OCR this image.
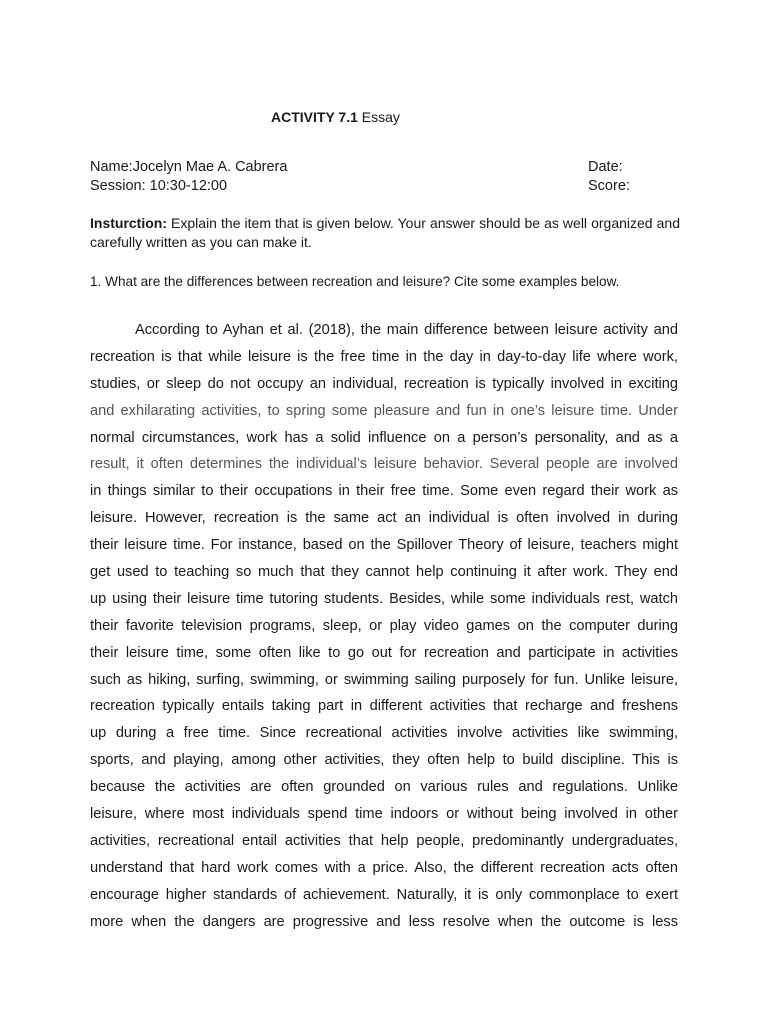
ACTIVITY 7.1 Essay
Name:Jocelyn Mae A. Cabrera
Session: 10:30-12:00
Date:
Score:
Insturction: Explain the item that is given below. Your answer should be as well organized and carefully written as you can make it.
1. What are the differences between recreation and leisure? Cite some examples below.
According to Ayhan et al. (2018), the main difference between leisure activity and
recreation is that while leisure is the free time in the day in day-to-day life where work,
studies, or sleep do not occupy an individual, recreation is typically involved in exciting
and exhilarating activities, to spring some pleasure and fun in one’s leisure time. Under
normal circumstances, work has a solid influence on a person’s personality, and as a
result, it often determines the individual’s leisure behavior. Several people are involved
in things similar to their occupations in their free time. Some even regard their work as
leisure. However, recreation is the same act an individual is often involved in during
their leisure time. For instance, based on the Spillover Theory of leisure, teachers might
get used to teaching so much that they cannot help continuing it after work. They end
up using their leisure time tutoring students. Besides, while some individuals rest, watch
their favorite television programs, sleep, or play video games on the computer during
their leisure time, some often like to go out for recreation and participate in activities
such as hiking, surfing, swimming, or swimming sailing purposely for fun. Unlike leisure,
recreation typically entails taking part in different activities that recharge and freshens
up during a free time. Since recreational activities involve activities like swimming,
sports, and playing, among other activities, they often help to build discipline. This is
because the activities are often grounded on various rules and regulations. Unlike
leisure, where most individuals spend time indoors or without being involved in other
activities, recreational entail activities that help people, predominantly undergraduates,
understand that hard work comes with a price. Also, the different recreation acts often
encourage higher standards of achievement. Naturally, it is only commonplace to exert
more when the dangers are progressive and less resolve when the outcome is less
